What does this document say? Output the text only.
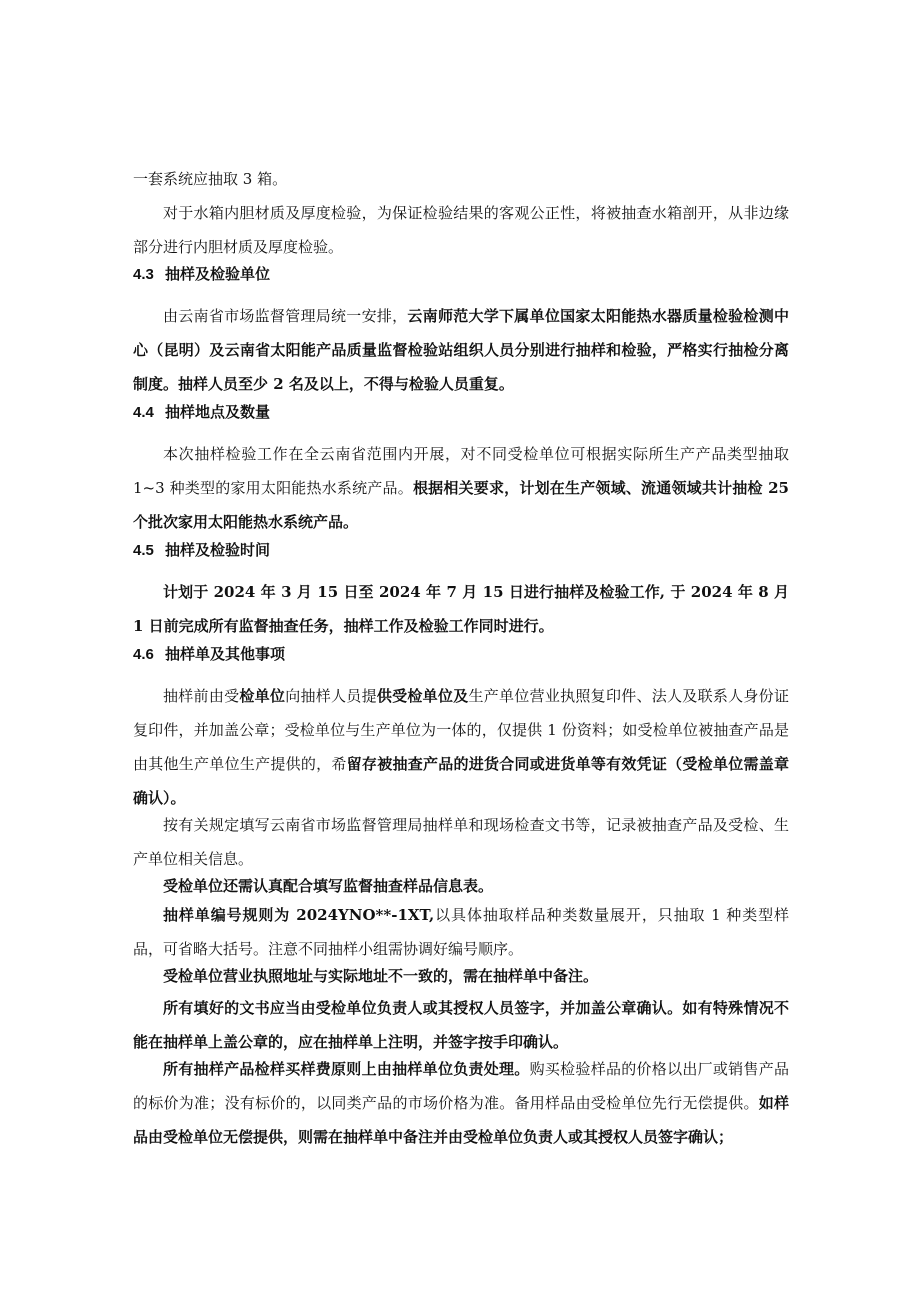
一套系统应抽取 3 箱。

对于水箱内胆材质及厚度检验，为保证检验结果的客观公正性，将被抽查水箱剖开，从非边缘部分进行内胆材质及厚度检验。

4.3 抽样及检验单位

由云南省市场监督管理局统一安排，云南师范大学下属单位国家太阳能热水器质量检验检测中心（昆明）及云南省太阳能产品质量监督检验站组织人员分别进行抽样和检验，严格实行抽检分离制度。抽样人员至少 2 名及以上，不得与检验人员重复。

4.4 抽样地点及数量

本次抽样检验工作在全云南省范围内开展，对不同受检单位可根据实际所生产产品类型抽取 1~3 种类型的家用太阳能热水系统产品。根据相关要求，计划在生产领域、流通领域共计抽检 25 个批次家用太阳能热水系统产品。

4.5 抽样及检验时间

计划于 2024 年 3 月 15 日至 2024 年 7 月 15 日进行抽样及检验工作, 于 2024 年 8 月 1 日前完成所有监督抽查任务，抽样工作及检验工作同时进行。

4.6 抽样单及其他事项

抽样前由受检单位向抽样人员提供受检单位及生产单位营业执照复印件、法人及联系人身份证复印件，并加盖公章；受检单位与生产单位为一体的，仅提供 1 份资料；如受检单位被抽查产品是由其他生产单位生产提供的，希留存被抽查产品的进货合同或进货单等有效凭证（受检单位需盖章确认）。

按有关规定填写云南省市场监督管理局抽样单和现场检查文书等，记录被抽查产品及受检、生产单位相关信息。

受检单位还需认真配合填写监督抽查样品信息表。

抽样单编号规则为 2024YNO**-1XT,以具体抽取样品种类数量展开，只抽取 1 种类型样品，可省略大括号。注意不同抽样小组需协调好编号顺序。

受检单位营业执照地址与实际地址不一致的，需在抽样单中备注。

所有填好的文书应当由受检单位负责人或其授权人员签字，并加盖公章确认。如有特殊情况不能在抽样单上盖公章的，应在抽样单上注明，并签字按手印确认。

所有抽样产品检样买样费原则上由抽样单位负责处理。购买检验样品的价格以出厂或销售产品的标价为准；没有标价的，以同类产品的市场价格为准。备用样品由受检单位先行无偿提供。如样品由受检单位无偿提供，则需在抽样单中备注并由受检单位负责人或其授权人员签字确认；
